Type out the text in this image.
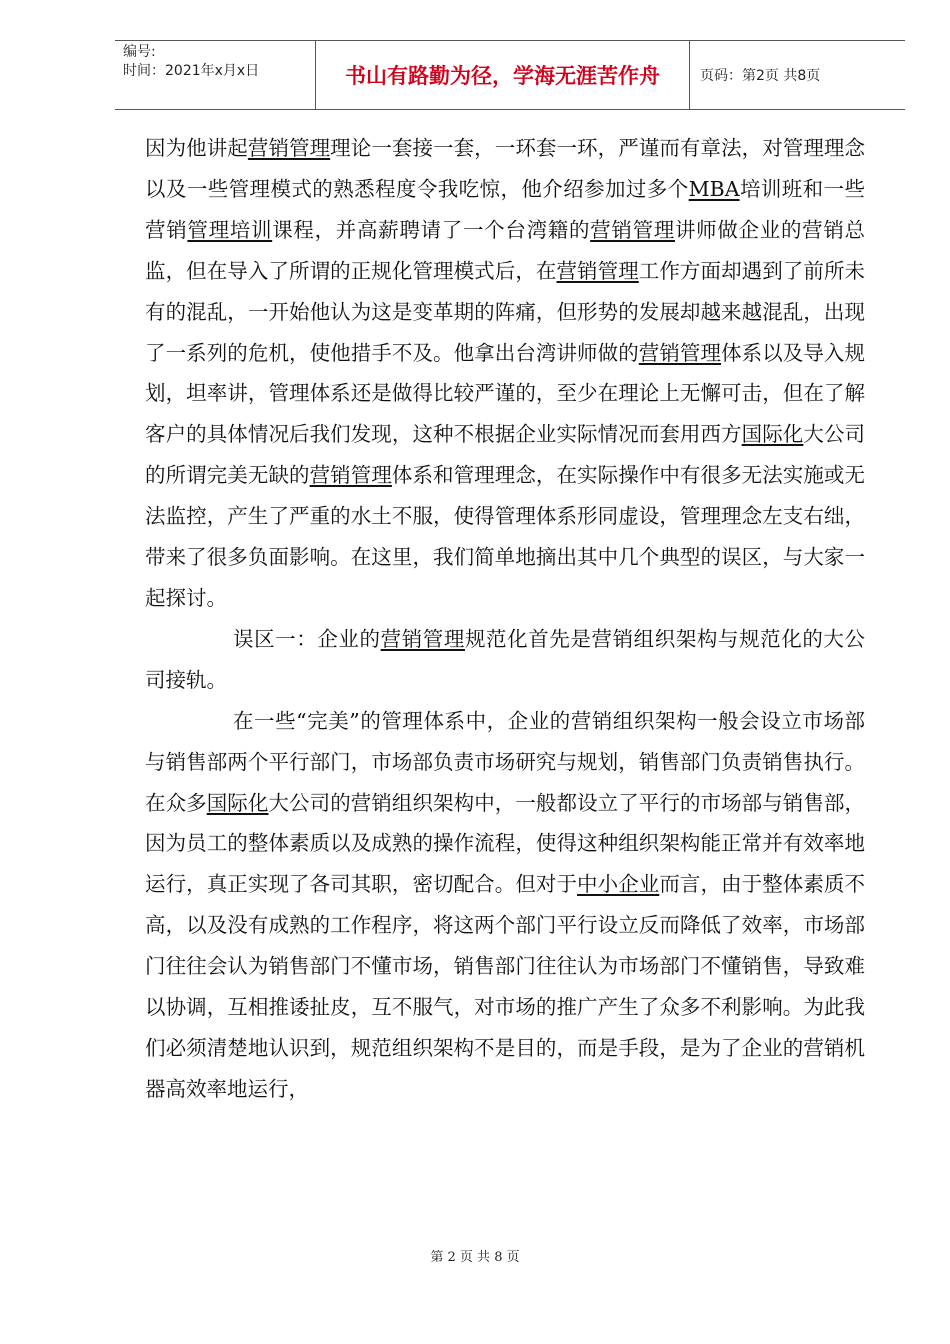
编号:
时间：2021年x月x日	书山有路勤为径，学海无涯苦作舟	页码：第2页 共8页

因为他讲起营销管理理论一套接一套，一环套一环，严谨而有章法，对管理理念以及一些管理模式的熟悉程度令我吃惊，他介绍参加过多个MBA培训班和一些营销管理培训课程，并高薪聘请了一个台湾籍的营销管理讲师做企业的营销总监，但在导入了所谓的正规化管理模式后，在营销管理工作方面却遇到了前所未有的混乱，一开始他认为这是变革期的阵痛，但形势的发展却越来越混乱，出现了一系列的危机，使他措手不及。他拿出台湾讲师做的营销管理体系以及导入规划，坦率讲，管理体系还是做得比较严谨的，至少在理论上无懈可击，但在了解客户的具体情况后我们发现，这种不根据企业实际情况而套用西方国际化大公司的所谓完美无缺的营销管理体系和管理理念，在实际操作中有很多无法实施或无法监控，产生了严重的水土不服，使得管理体系形同虚设，管理理念左支右绌，带来了很多负面影响。在这里，我们简单地摘出其中几个典型的误区，与大家一起探讨。

误区一：企业的营销管理规范化首先是营销组织架构与规范化的大公司接轨。

在一些“完美”的管理体系中，企业的营销组织架构一般会设立市场部与销售部两个平行部门，市场部负责市场研究与规划，销售部门负责销售执行。在众多国际化大公司的营销组织架构中，一般都设立了平行的市场部与销售部，因为员工的整体素质以及成熟的操作流程，使得这种组织架构能正常并有效率地运行，真正实现了各司其职，密切配合。但对于中小企业而言，由于整体素质不高，以及没有成熟的工作程序，将这两个部门平行设立反而降低了效率，市场部门往往会认为销售部门不懂市场，销售部门往往认为市场部门不懂销售，导致难以协调，互相推诿扯皮，互不服气，对市场的推广产生了众多不利影响。为此我们必须清楚地认识到，规范组织架构不是目的，而是手段，是为了企业的营销机器高效率地运行，

第 2 页 共 8 页
